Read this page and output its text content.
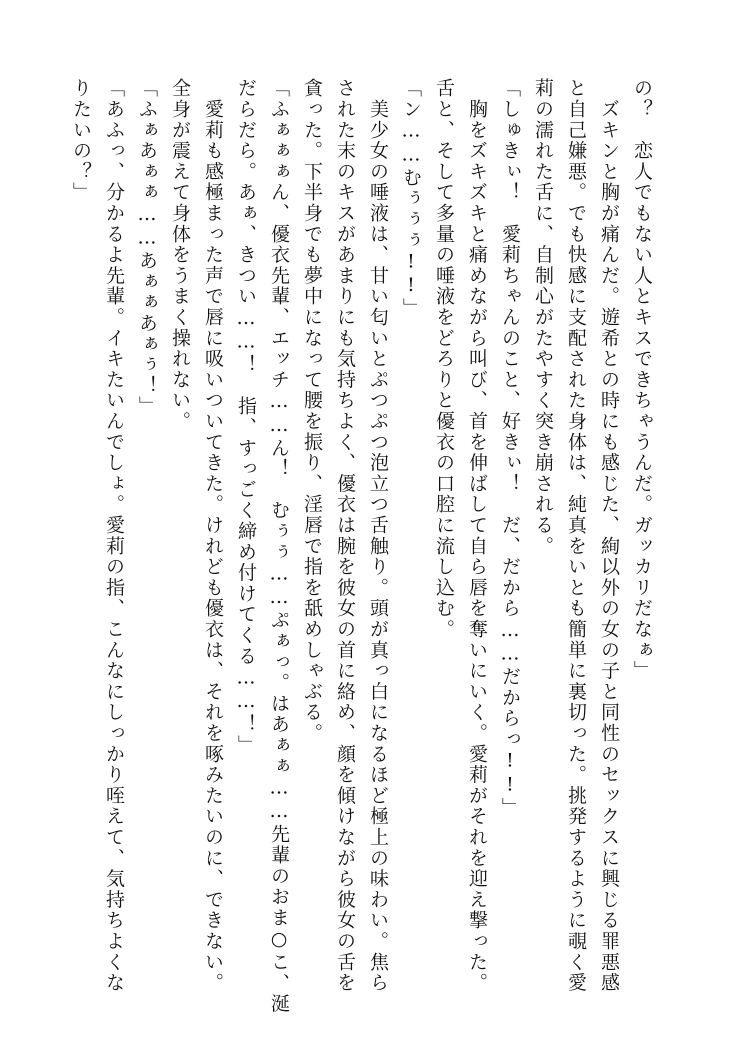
の？　恋人でもない人とキスできちゃうんだ。ガッカリだなぁ」
　ズキンと胸が痛んだ。遊希との時にも感じた、絢以外の女の子と同性のセックスに興じる罪悪感
と自己嫌悪。でも快感に支配された身体は、純真をいとも簡単に裏切った。挑発するように覗く愛
莉の濡れた舌に、自制心がたやすく突き崩される。
「しゅきぃ！　愛莉ちゃんのこと、好きぃ！　だ、だから……だからっ!!」
　胸をズキズキと痛めながら叫び、首を伸ばして自ら唇を奪いにいく。愛莉がそれを迎え撃った。
舌と、そして多量の唾液をどろりと優衣の口腔に流し込む。
「ン……むぅぅぅ!!」
　美少女の唾液は、甘い匂いとぷつぷつ泡立つ舌触り。頭が真っ白になるほど極上の味わい。焦ら
された末のキスがあまりにも気持ちよく、優衣は腕を彼女の首に絡め、顔を傾けながら彼女の舌を
貪った。下半身でも夢中になって腰を振り、淫唇で指を舐めしゃぶる。
「ふぁぁぁん、優衣先輩、エッチ……ん！　むぅぅ……ぷぁっ。はあぁぁ……先輩のおま○こ、涎
だらだら。あぁ、きつい……！　指、すっごく締め付けてくる……！」
　愛莉も感極まった声で唇に吸いついてきた。けれども優衣は、それを啄みたいのに、できない。
全身が震えて身体をうまく操れない。
「ふぁあぁぁ……あぁぁあぁぅ！」
「あふっ、分かるよ先輩。イキたいんでしょ。愛莉の指、こんなにしっかり咥えて、気持ちよくな
りたいの？」
